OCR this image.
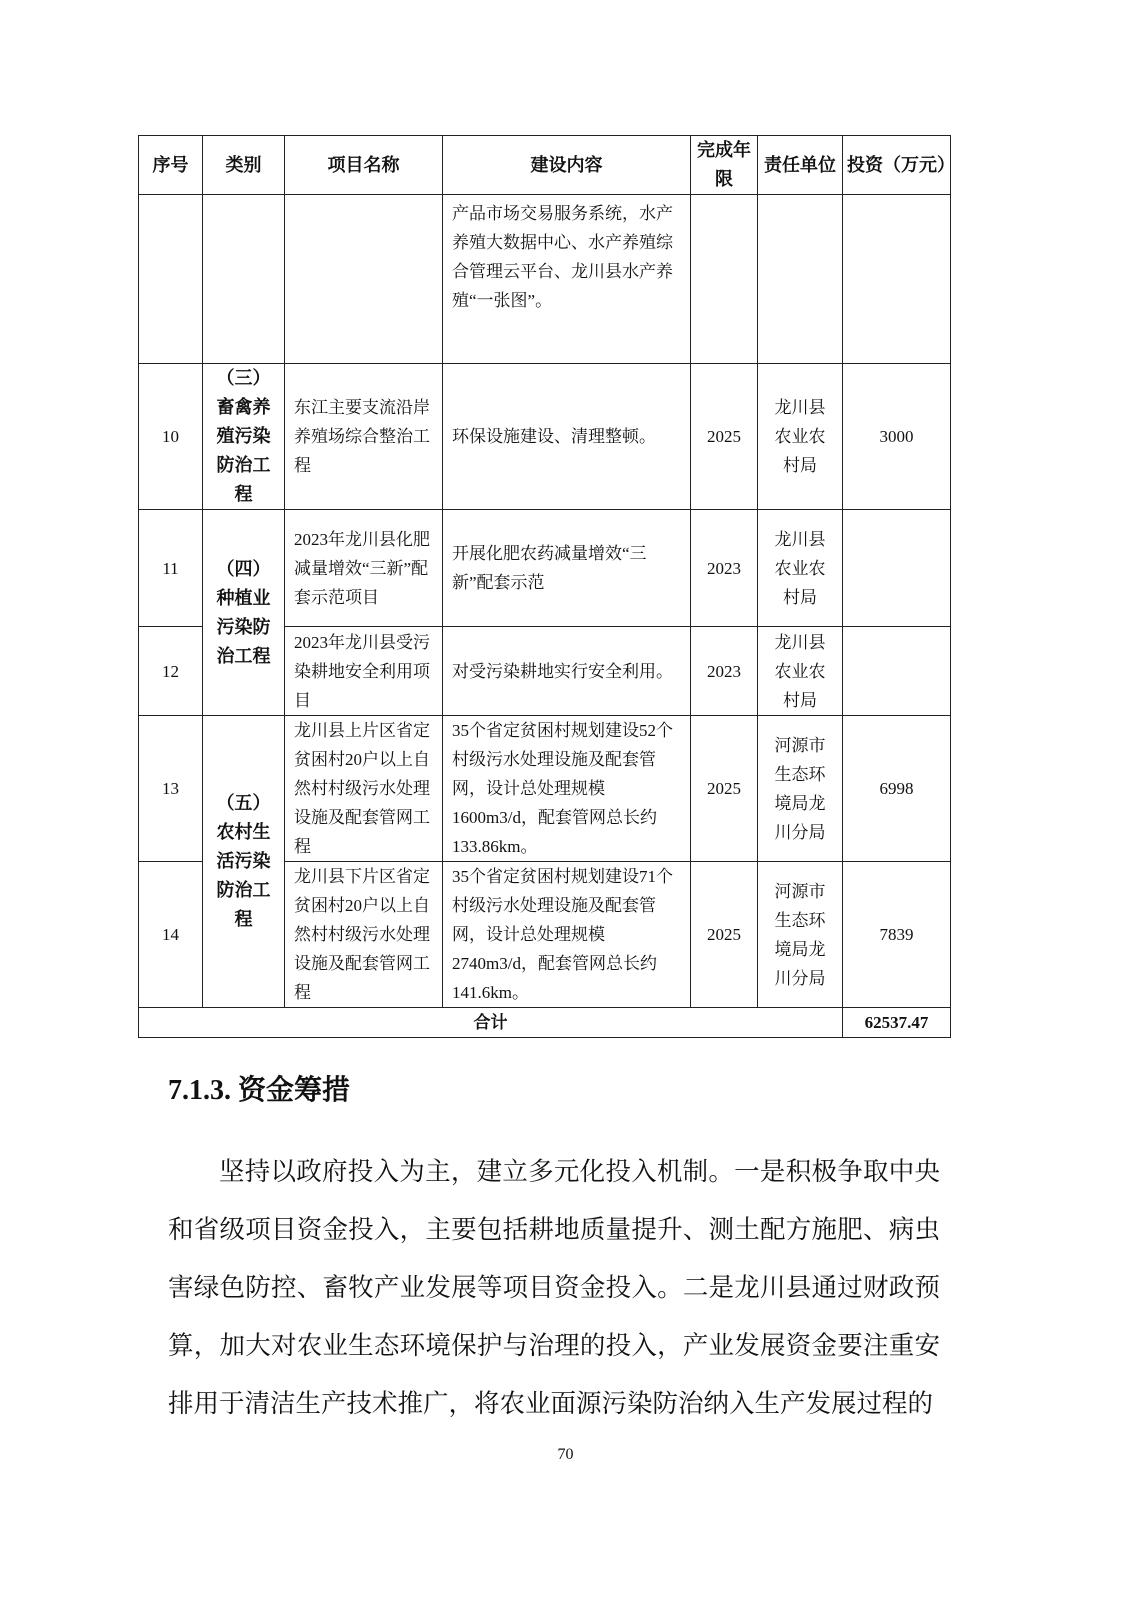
序号	类别	项目名称	建设内容	完成年限	责任单位	投资（万元）
			产品市场交易服务系统，水产养殖大数据中心、水产养殖综合管理云平台、龙川县水产养殖“一张图”。			
10	（三）畜禽养殖污染防治工程	东江主要支流沿岸养殖场综合整治工程	环保设施建设、清理整顿。	2025	龙川县农业农村局	3000
11	（四）种植业污染防治工程	2023年龙川县化肥减量增效“三新”配套示范项目	开展化肥农药减量增效“三新”配套示范	2023	龙川县农业农村局	
12		2023年龙川县受污染耕地安全利用项目	对受污染耕地实行安全利用。	2023	龙川县农业农村局	
13	（五）农村生活污染防治工程	龙川县上片区省定贫困村20户以上自然村村级污水处理设施及配套管网工程	35个省定贫困村规划建设52个村级污水处理设施及配套管网，设计总处理规模1600m3/d，配套管网总长约133.86km。	2025	河源市生态环境局龙川分局	6998
14		龙川县下片区省定贫困村20户以上自然村村级污水处理设施及配套管网工程	35个省定贫困村规划建设71个村级污水处理设施及配套管网，设计总处理规模2740m3/d，配套管网总长约141.6km。	2025	河源市生态环境局龙川分局	7839
合计						62537.47
7.1.3. 资金筹措

坚持以政府投入为主，建立多元化投入机制。一是积极争取中央和省级项目资金投入，主要包括耕地质量提升、测土配方施肥、病虫害绿色防控、畜牧产业发展等项目资金投入。二是龙川县通过财政预算，加大对农业生态环境保护与治理的投入，产业发展资金要注重安排用于清洁生产技术推广，将农业面源污染防治纳入生产发展过程的

70
